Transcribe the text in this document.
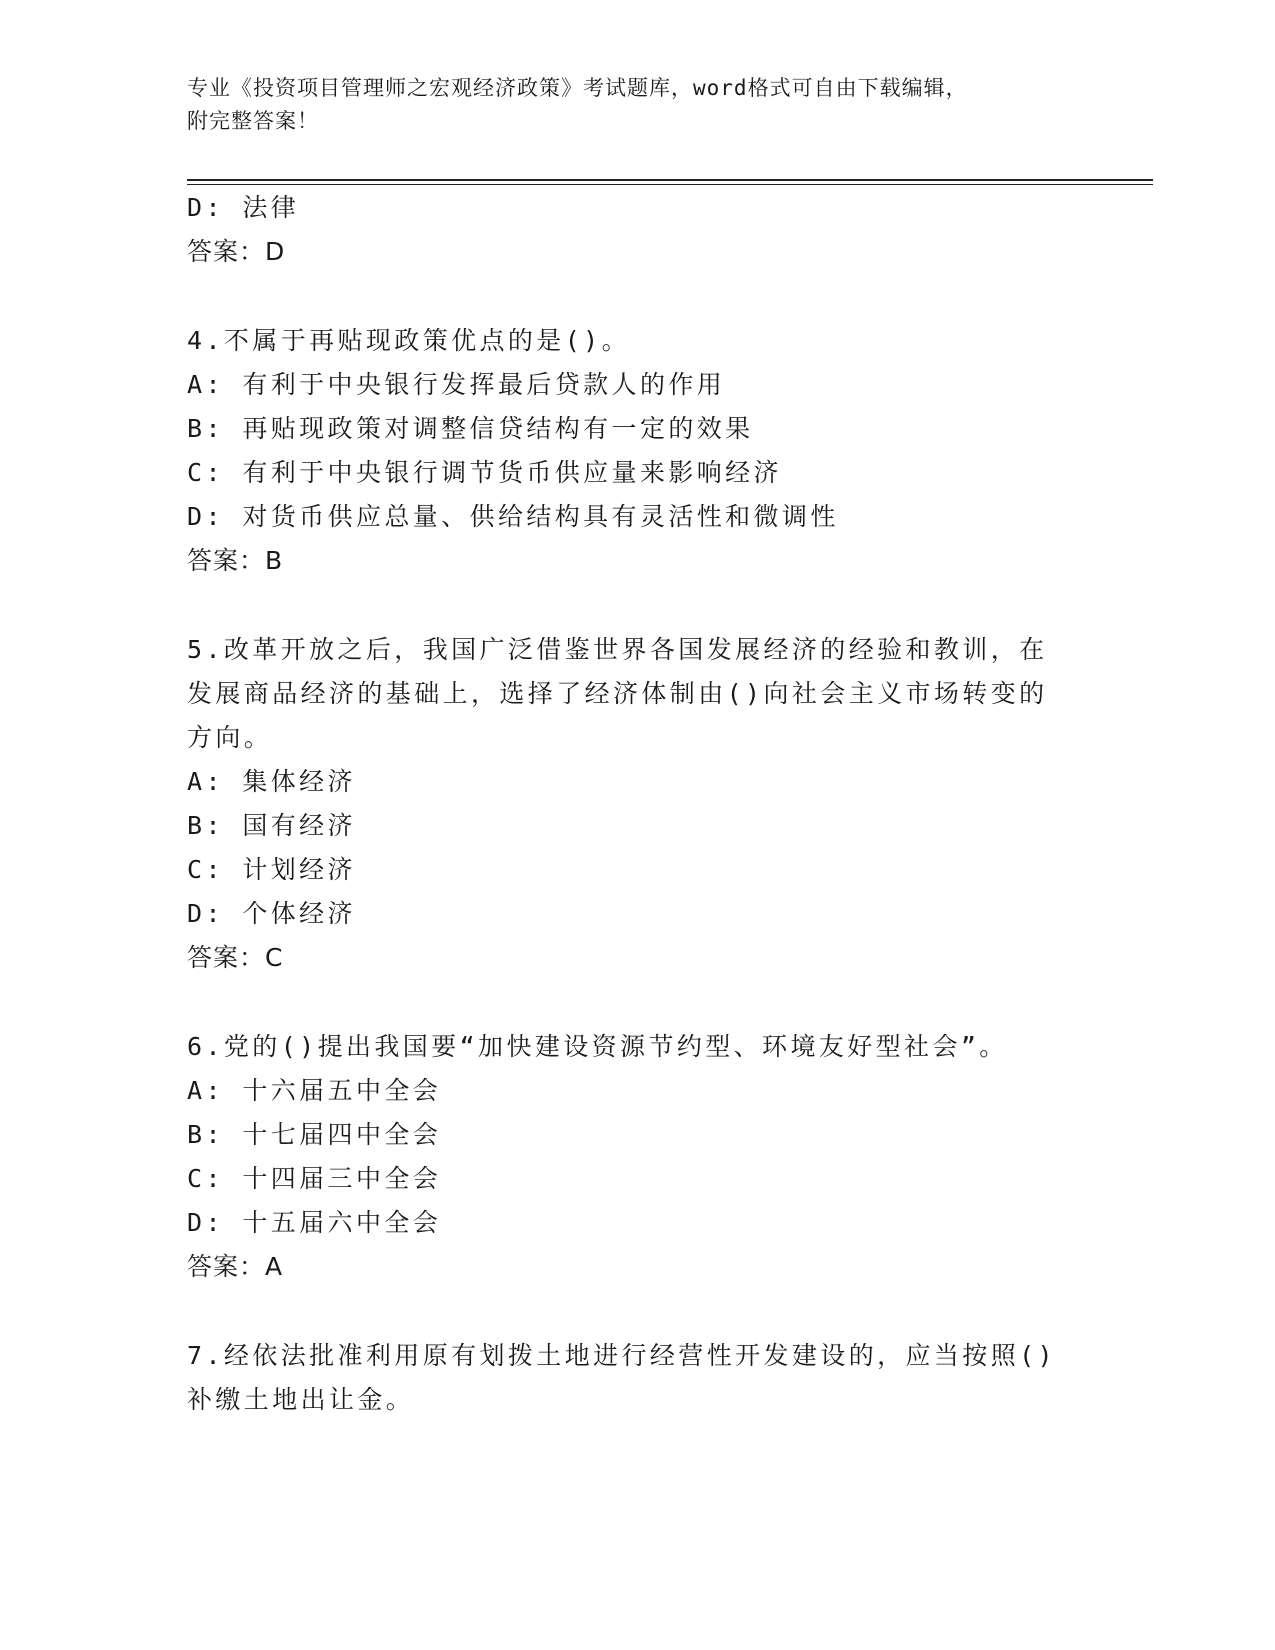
专业《投资项目管理师之宏观经济政策》考试题库，word格式可自由下载编辑，
附完整答案！
D: 法律
答案：D
4.不属于再贴现政策优点的是()。
A: 有利于中央银行发挥最后贷款人的作用
B: 再贴现政策对调整信贷结构有一定的效果
C: 有利于中央银行调节货币供应量来影响经济
D: 对货币供应总量、供给结构具有灵活性和微调性
答案：B
5.改革开放之后，我国广泛借鉴世界各国发展经济的经验和教训，在
发展商品经济的基础上，选择了经济体制由()向社会主义市场转变的
方向。
A: 集体经济
B: 国有经济
C: 计划经济
D: 个体经济
答案：C
6.党的()提出我国要“加快建设资源节约型、环境友好型社会”。
A: 十六届五中全会
B: 十七届四中全会
C: 十四届三中全会
D: 十五届六中全会
答案：A
7.经依法批准利用原有划拨土地进行经营性开发建设的，应当按照()
补缴土地出让金。
